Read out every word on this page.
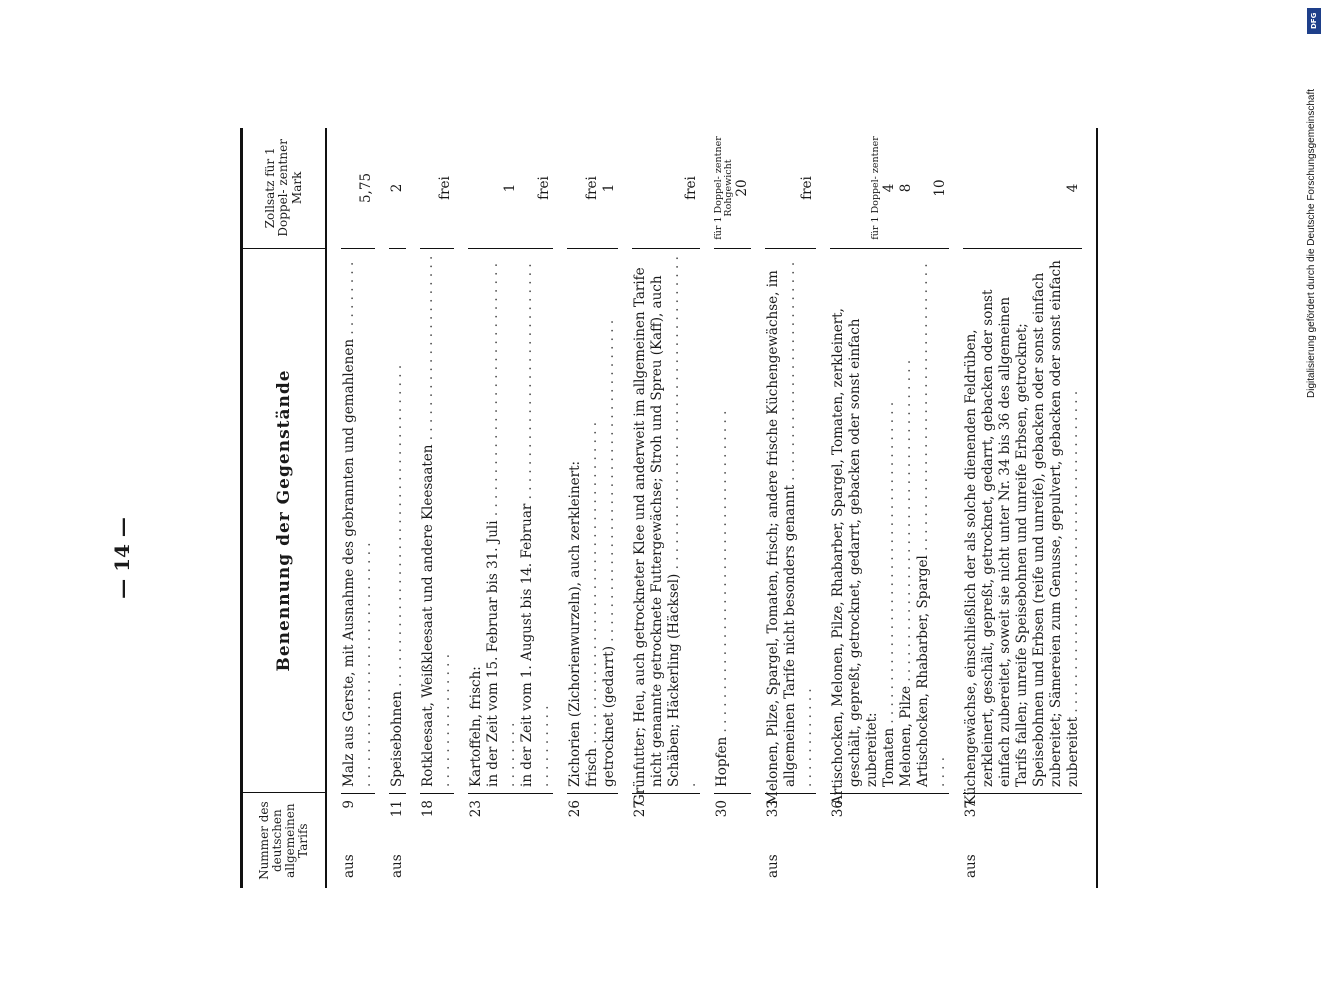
DFG
Digitalisierung gefördert durch die Deutsche Forschungsgemeinschaft
— 14 —
Nummer des deutschen allgemeinen Tarifs
Benennung der Gegenstände
Zollsatz für 1 Doppel- zentner Mark
aus
9
Malz aus Gerste, mit Ausnahme des gebrannten und gemahlenen . . .
5,75
aus
11
Speisebohnen . . .
2
18
Rotkleesaat, Weißkleesaat und andere Kleesaaten . . .
frei
23
Kartoffeln, frisch: in der Zeit vom 15. Februar bis 31. Juli . . .
1
in der Zeit vom 1. August bis 14. Februar . . .
frei
26
Zichorien (Zichorienwurzeln), auch zerkleinert: frisch . . .
frei
getrocknet (gedarrt) . . .
1
27
Grünfutter; Heu, auch getrockneter Klee und anderweit im allgemeinen Tarife nicht genannte getrocknete Futtergewächse; Stroh und Spreu (Kaff), auch Schäben; Häckerling (Häcksel) . . .
frei
30
Hopfen . . .
für 1 Doppel- zentner Rohgewicht 20
aus
33
Melonen, Pilze, Spargel, Tomaten, frisch; andere frische Küchengewächse, im allgemeinen Tarife nicht besonders genannt . . .
frei
36
Artischocken, Melonen, Pilze, Rhabarber, Spargel, Tomaten, zerkleinert, geschält, gepreßt, getrocknet, gedarrt, gebacken oder sonst einfach zubereitet:
für 1 Doppel- zentner
Tomaten . . .
4
Melonen, Pilze . . .
8
Artischocken, Rhabarber, Spargel . . .
10
aus
37
Küchengewächse, einschließlich der als solche dienenden Feldrüben, zerkleinert, geschält, gepreßt, getrocknet, gedarrt, gebacken oder sonst einfach zubereitet, soweit sie nicht unter Nr. 34 bis 36 des allgemeinen Tarifs fallen; unreife Speisebohnen und unreife Erbsen, getrocknet; Speisebohnen und Erbsen (reife und unreife), gebacken oder sonst einfach zubereitet; Sämereien zum Genusse, gepulvert, gebacken oder sonst einfach zubereitet . . .
4
